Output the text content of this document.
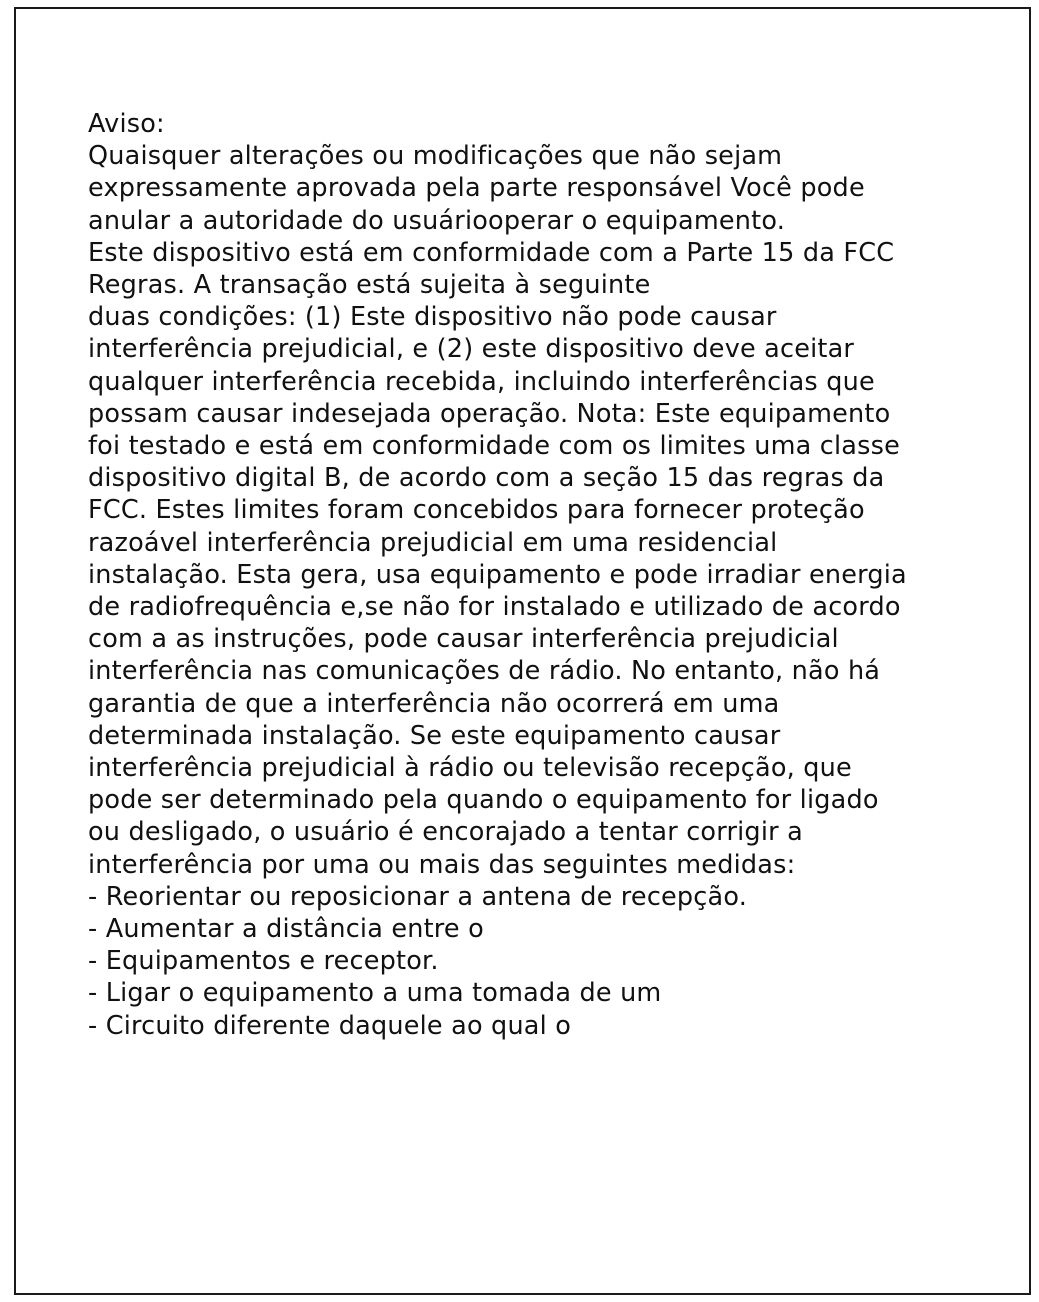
Aviso:
Quaisquer alterações ou modificações que não sejam
expressamente aprovada pela parte responsável Você pode
anular a autoridade do usuáriooperar o equipamento.
Este dispositivo está em conformidade com a Parte 15 da FCC
Regras. A transação está sujeita à seguinte
duas condições: (1) Este dispositivo não pode causar
interferência prejudicial, e (2) este dispositivo deve aceitar
qualquer interferência recebida, incluindo interferências que
possam causar indesejada operação. Nota: Este equipamento
foi testado e está em conformidade com os limites uma classe
dispositivo digital B, de acordo com a seção 15 das regras da
FCC. Estes limites foram concebidos para fornecer proteção
razoável interferência prejudicial em uma residencial
instalação. Esta gera, usa equipamento e pode irradiar energia
de radiofrequência e,se não for instalado e utilizado de acordo
com a as instruções, pode causar interferência prejudicial
interferência nas comunicações de rádio. No entanto, não há
garantia de que a interferência não ocorrerá em uma
determinada instalação. Se este equipamento causar
interferência prejudicial à rádio ou televisão recepção, que
pode ser determinado pela quando o equipamento for ligado
ou desligado, o usuário é encorajado a tentar corrigir a
interferência por uma ou mais das seguintes medidas:
- Reorientar ou reposicionar a antena de recepção.
- Aumentar a distância entre o
- Equipamentos e receptor.
- Ligar o equipamento a uma tomada de um
- Circuito diferente daquele ao qual o
